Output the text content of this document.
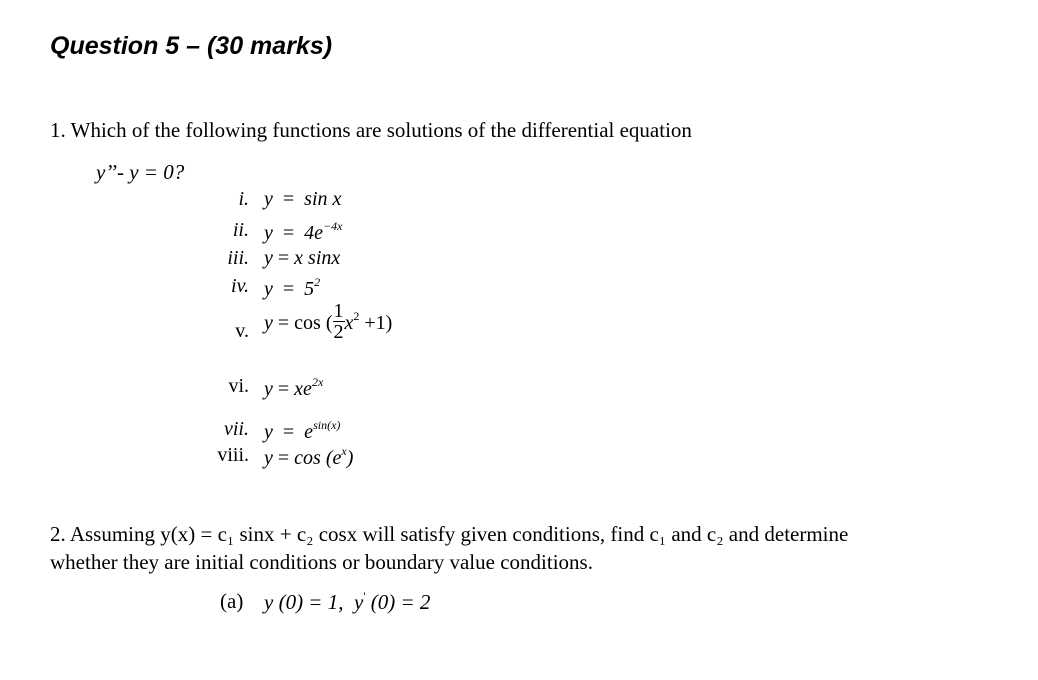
Question 5 – (30 marks)
1. Which of the following functions are solutions of the differential equation
y’’- y = 0?
i. y = sin x
ii. $y = 4e^{-4x}$
iii. y = x sinx
iv. $y = 5^2$
v. y = cos ( $\frac{1}{2} x^2 +1$)
vi. $y = xe^{2x}$
vii. $y = e^{sin(x)}$
viii. $y = \cos (e^x)$
2. Assuming y(x) = c₁ sinx + c₂ cosx will satisfy given conditions, find c₁ and c₂ and determine
whether they are initial conditions or boundary value conditions.
(a) y (0) = 1, y' (0) = 2
